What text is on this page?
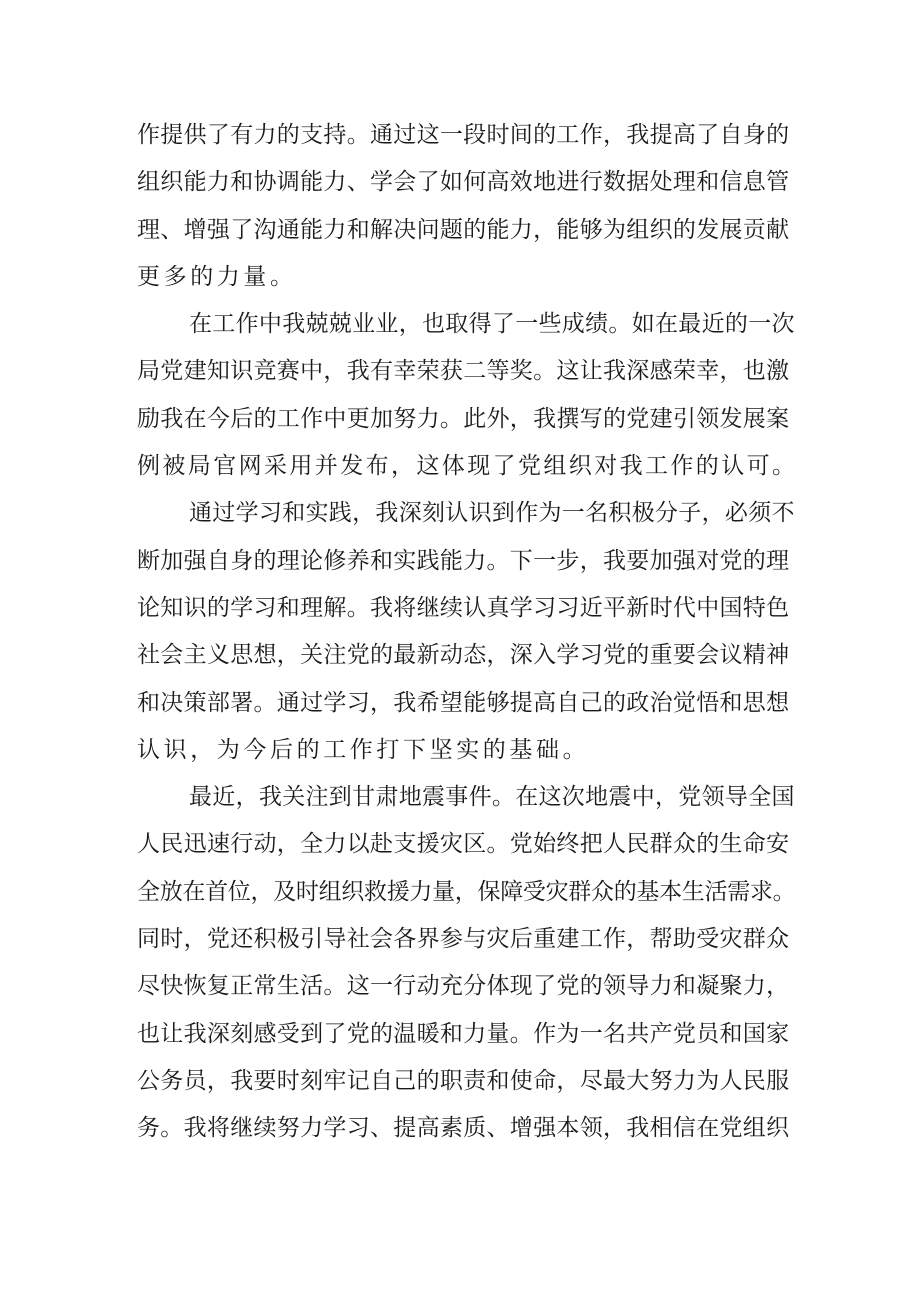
作提供了有力的支持。通过这一段时间的工作，我提高了自身的
组织能力和协调能力、学会了如何高效地进行数据处理和信息管
理、增强了沟通能力和解决问题的能力，能够为组织的发展贡献
更多的力量。
在工作中我兢兢业业，也取得了一些成绩。如在最近的一次
局党建知识竞赛中，我有幸荣获二等奖。这让我深感荣幸，也激
励我在今后的工作中更加努力。此外，我撰写的党建引领发展案
例被局官网采用并发布，这体现了党组织对我工作的认可。
通过学习和实践，我深刻认识到作为一名积极分子，必须不
断加强自身的理论修养和实践能力。下一步，我要加强对党的理
论知识的学习和理解。我将继续认真学习习近平新时代中国特色
社会主义思想，关注党的最新动态，深入学习党的重要会议精神
和决策部署。通过学习，我希望能够提高自己的政治觉悟和思想
认识，为今后的工作打下坚实的基础。
最近，我关注到甘肃地震事件。在这次地震中，党领导全国
人民迅速行动，全力以赴支援灾区。党始终把人民群众的生命安
全放在首位，及时组织救援力量，保障受灾群众的基本生活需求。
同时，党还积极引导社会各界参与灾后重建工作，帮助受灾群众
尽快恢复正常生活。这一行动充分体现了党的领导力和凝聚力，
也让我深刻感受到了党的温暖和力量。作为一名共产党员和国家
公务员，我要时刻牢记自己的职责和使命，尽最大努力为人民服
务。我将继续努力学习、提高素质、增强本领，我相信在党组织
